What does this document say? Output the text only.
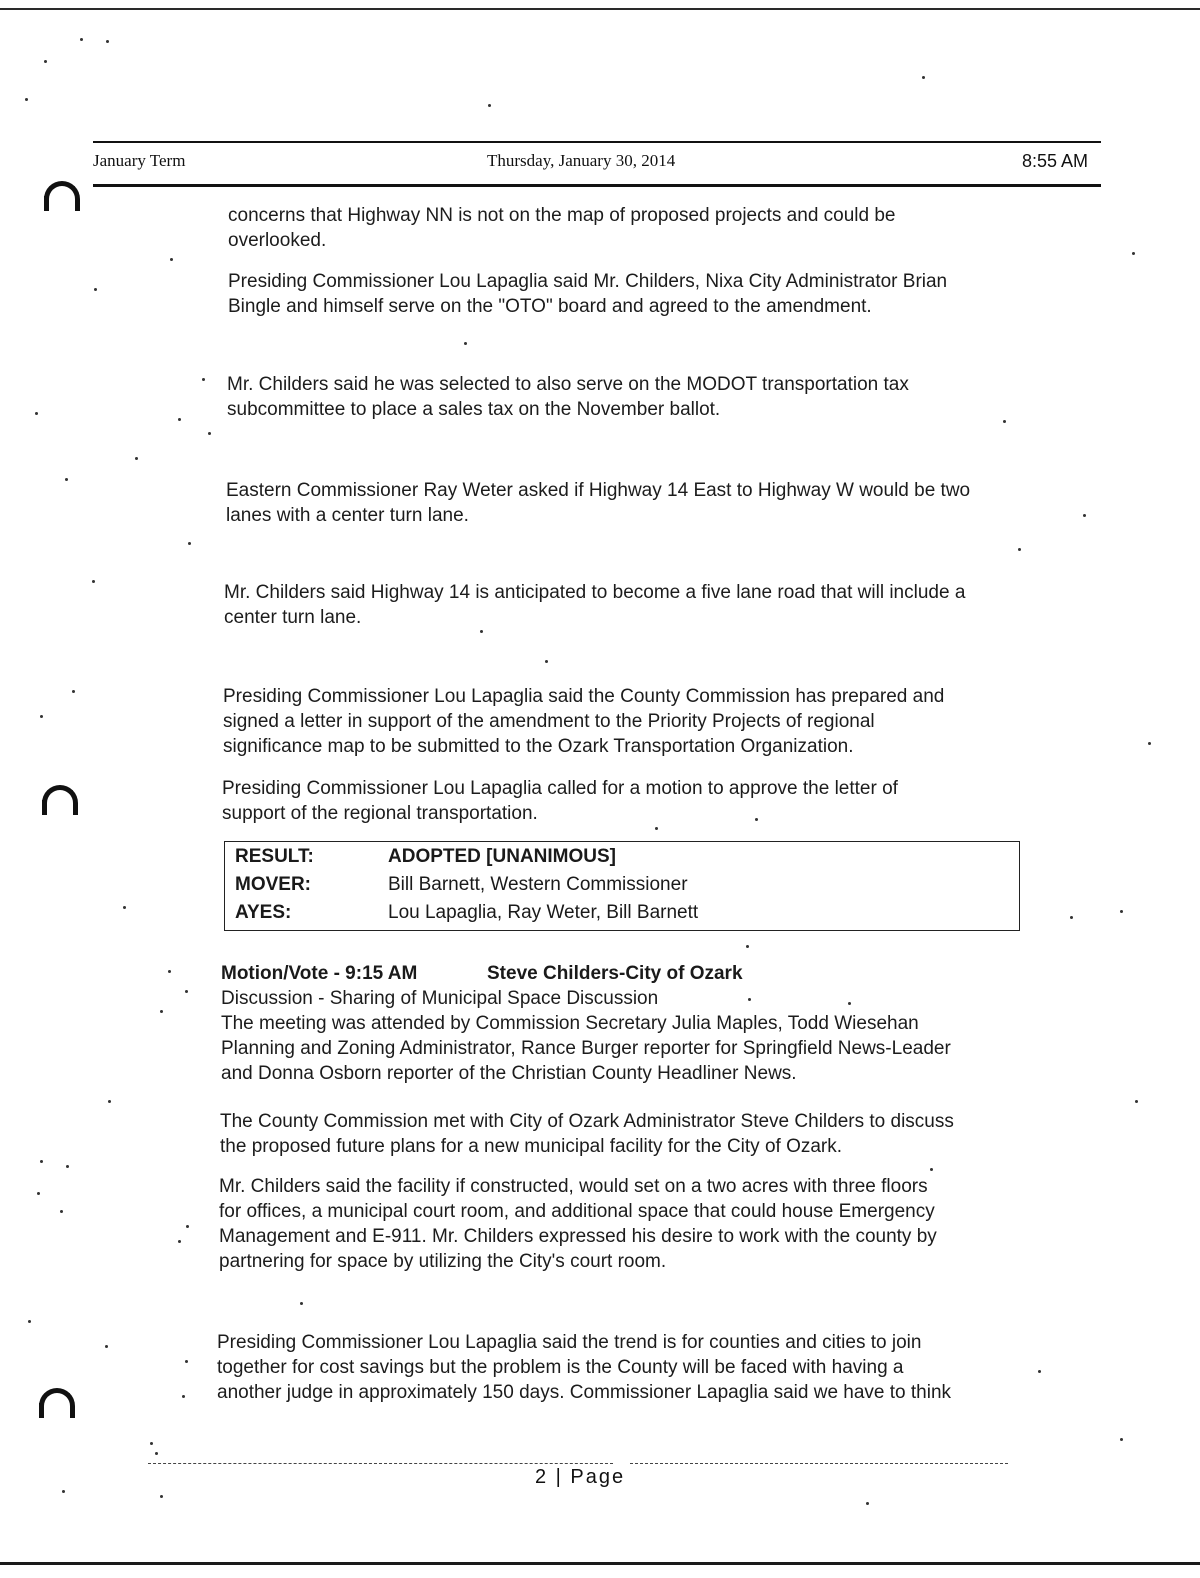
January Term	Thursday, January 30, 2014	8:55 AM
concerns that Highway NN is not on the map of proposed projects and could be
overlooked.
Presiding Commissioner Lou Lapaglia said Mr. Childers, Nixa City Administrator Brian
Bingle and himself serve on the "OTO" board and agreed to the amendment.
Mr. Childers said he was selected to also serve on the MODOT transportation tax
subcommittee to place a sales tax on the November ballot.
Eastern Commissioner Ray Weter asked if Highway 14 East to Highway W would be two
lanes with a center turn lane.
Mr. Childers said Highway 14 is anticipated to become a five lane road that will include a
center turn lane.
Presiding Commissioner Lou Lapaglia said the County Commission has prepared and
signed a letter in support of the amendment to the Priority Projects of regional
significance map to be submitted to the Ozark Transportation Organization.
Presiding Commissioner Lou Lapaglia called for a motion to approve the letter of
support of the regional transportation.
RESULT:	ADOPTED [UNANIMOUS]
MOVER:	Bill Barnett, Western Commissioner
AYES:	Lou Lapaglia, Ray Weter, Bill Barnett
Motion/Vote - 9:15 AM	Steve Childers-City of Ozark
Discussion - Sharing of Municipal Space Discussion
The meeting was attended by Commission Secretary Julia Maples, Todd Wiesehan
Planning and Zoning Administrator, Rance Burger reporter for Springfield News-Leader
and Donna Osborn reporter of the Christian County Headliner News.
The County Commission met with City of Ozark Administrator Steve Childers to discuss
the proposed future plans for a new municipal facility for the City of Ozark.
Mr. Childers said the facility if constructed, would set on a two acres with three floors
for offices, a municipal court room, and additional space that could house Emergency
Management and E-911. Mr. Childers expressed his desire to work with the county by
partnering for space by utilizing the City's court room.
Presiding Commissioner Lou Lapaglia said the trend is for counties and cities to join
together for cost savings but the problem is the County will be faced with having a
another judge in approximately 150 days. Commissioner Lapaglia said we have to think
2 | Page
